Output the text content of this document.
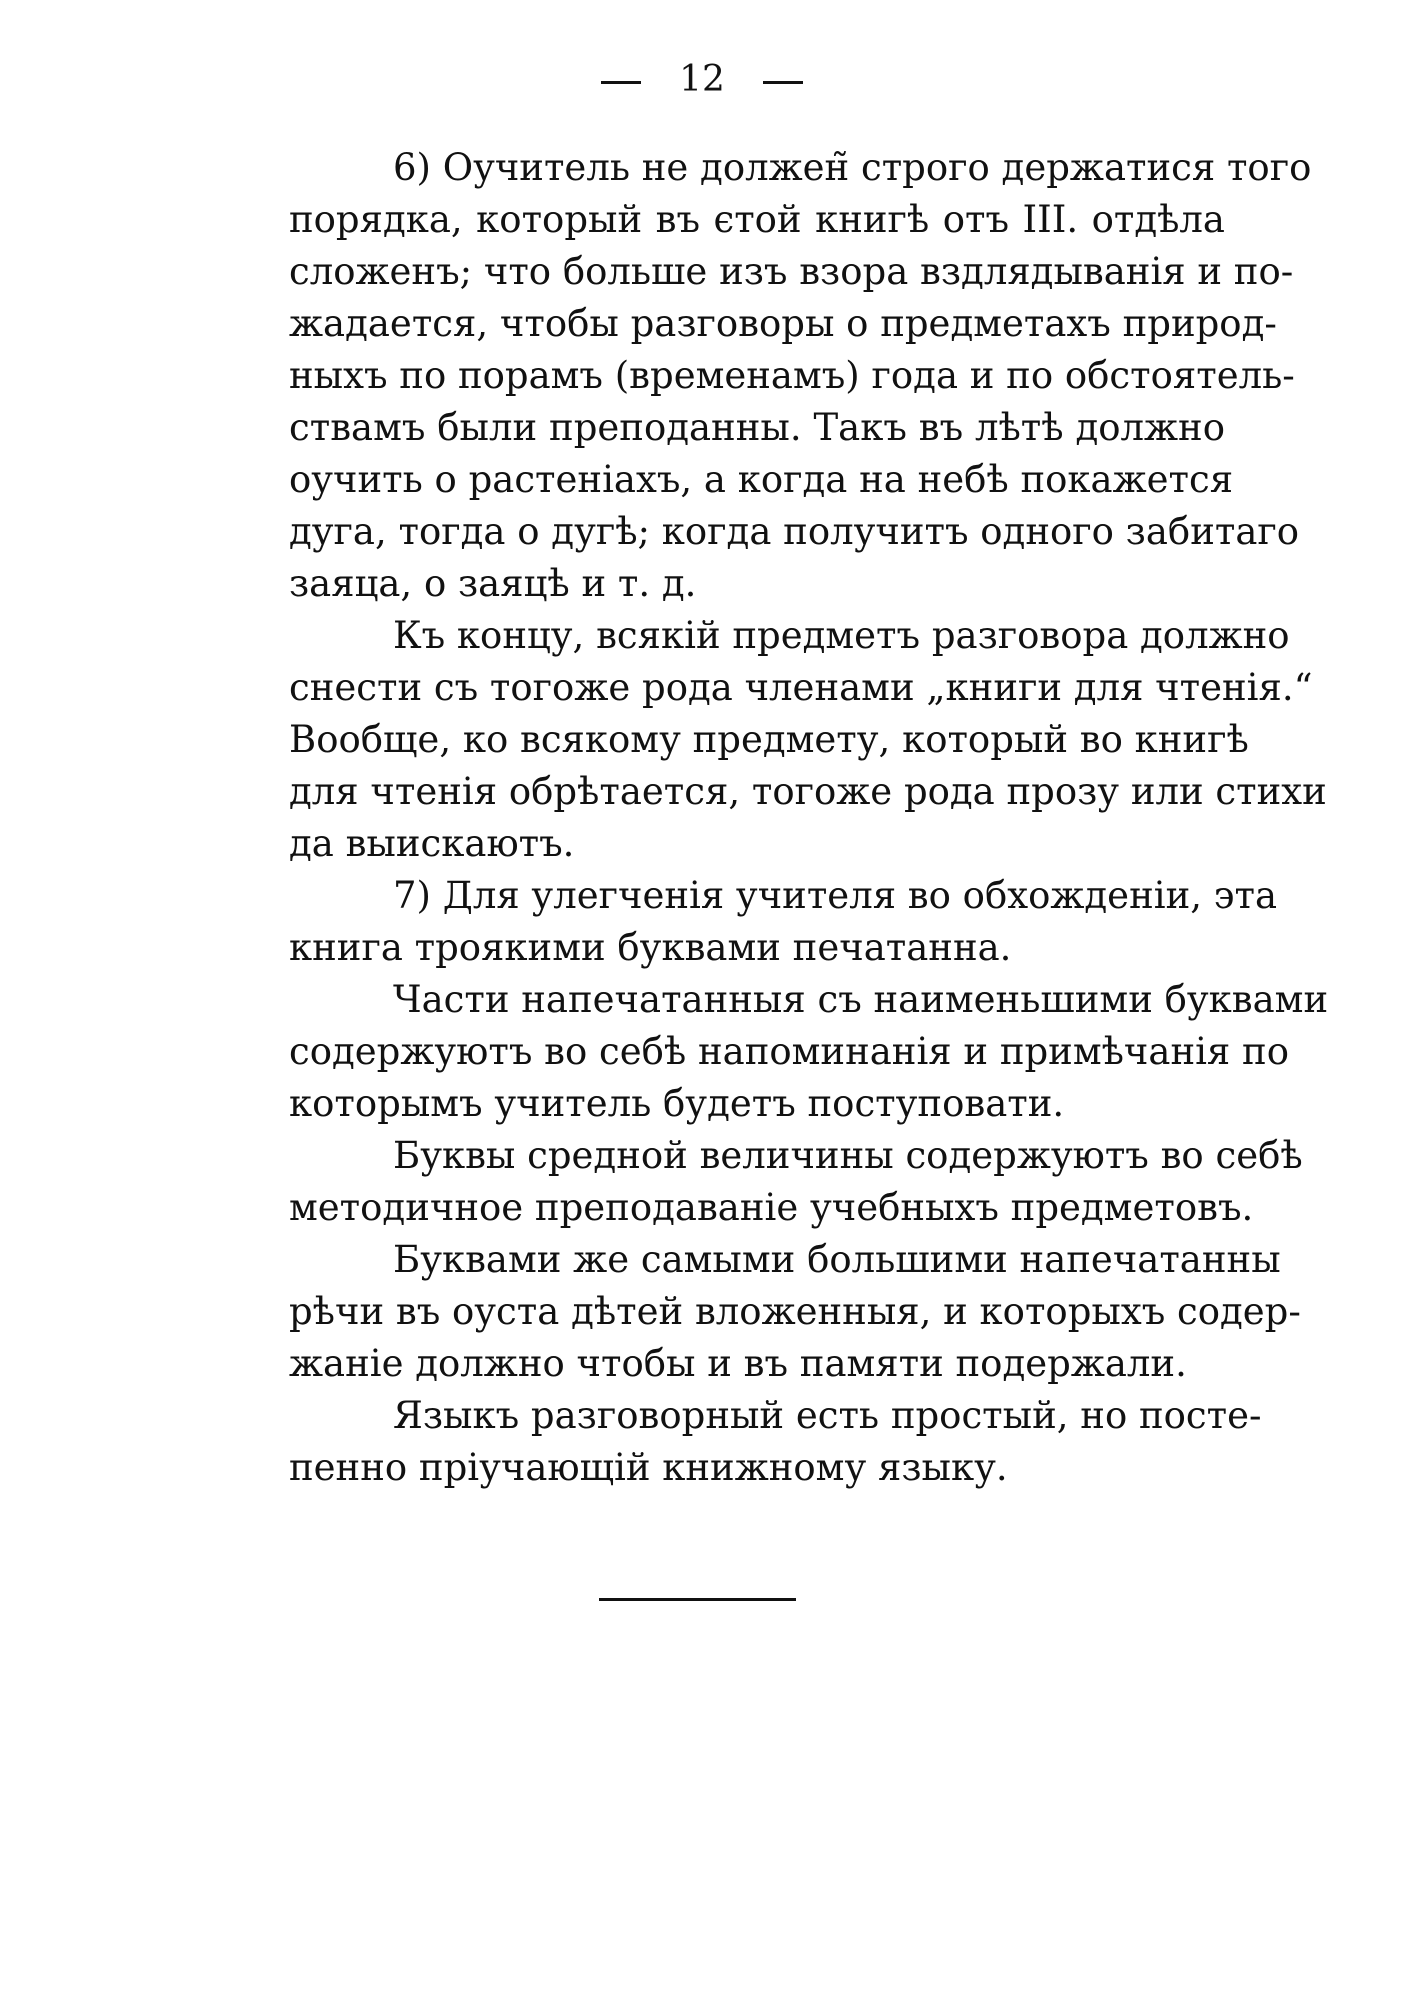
12
6) Оучитель не должен̃ строго держатися того
порядка, который въ єтой книгѣ отъ III. отдѣла
сложенъ; что больше изъ взора вздлядыванія и по-
жадается, чтобы разговоры о предметахъ природ-
ныхъ по порамъ (временамъ) года и по обстоятель-
ствамъ были преподанны. Такъ въ лѣтѣ должно
оучить о растеніахъ, а когда на небѣ покажется
дуга, тогда о дугѣ; когда получитъ одного забитаго
заяца, о заяцѣ и т. д.
Къ концу, всякій предметъ разговора должно
снести съ тогоже рода членами „книги для чтенія.“
Вообще, ко всякому предмету, который во книгѣ
для чтенія обрѣтается, тогоже рода прозу или стихи
да выискаютъ.
7) Для улегченія учителя во обхожденіи, эта
книга троякими буквами печатанна.
Части напечатанныя съ наименьшими буквами
содержуютъ во себѣ напоминанія и примѣчанія по
которымъ учитель будетъ поступовати.
Буквы средной величины содержуютъ во себѣ
методичное преподаваніе учебныхъ предметовъ.
Буквами же самыми большими напечатанны
рѣчи въ оуста дѣтей вложенныя, и которыхъ содер-
жаніе должно чтобы и въ памяти подержали.
Языкъ разговорный есть простый, но посте-
пенно пріучающій книжному языку.
